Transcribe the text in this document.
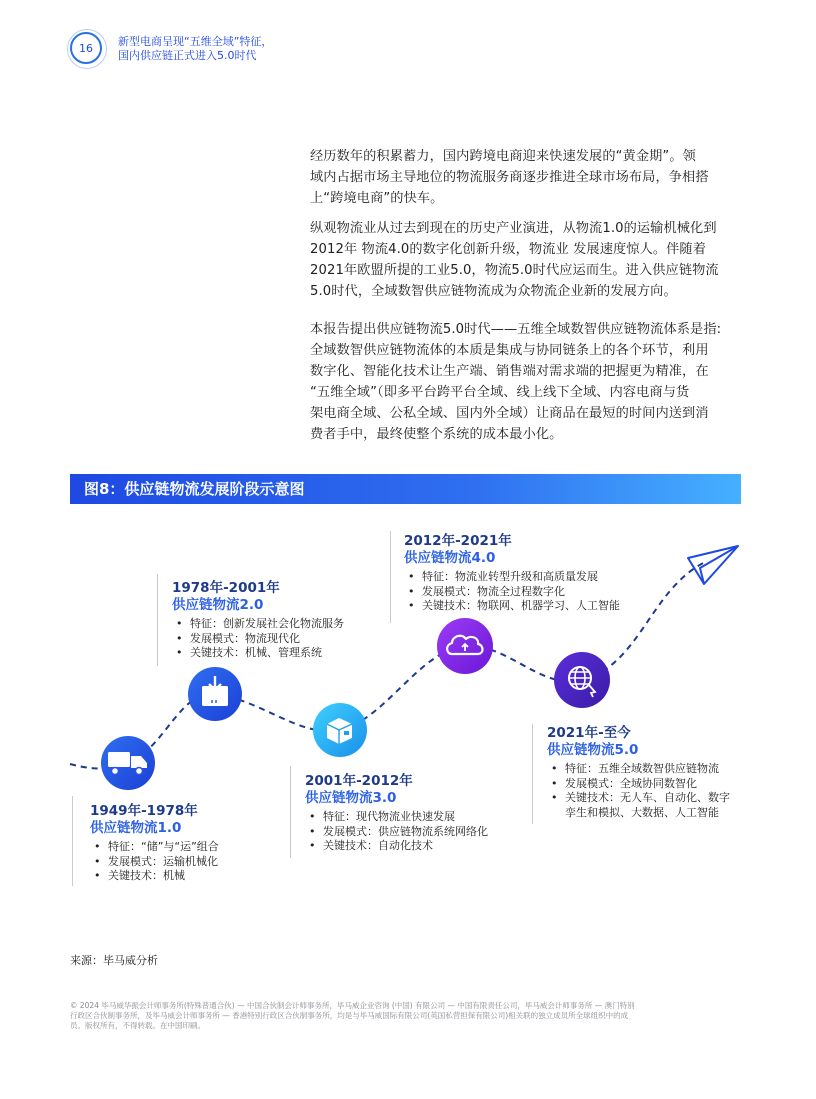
16 新型电商呈现“五维全域”特征，
国内供应链正式进入5.0时代
经历数年的积累蓄力，国内跨境电商迎来快速发展的“黄金期”。领
域内占据市场主导地位的物流服务商逐步推进全球市场布局，争相搭
上“跨境电商”的快车。
纵观物流业从过去到现在的历史产业演进，从物流1.0的运输机械化到
2012年 物流4.0的数字化创新升级，物流业 发展速度惊人。伴随着
2021年欧盟所提的工业5.0，物流5.0时代应运而生。进入供应链物流
5.0时代，全域数智供应链物流成为众物流企业新的发展方向。
本报告提出供应链物流5.0时代——五维全域数智供应链物流体系是指:
全域数智供应链物流体的本质是集成与协同链条上的各个环节，利用
数字化、智能化技术让生产端、销售端对需求端的把握更为精准，在
“五维全域”（即多平台跨平台全域、线上线下全域、内容电商与货
架电商全域、公私全域、国内外全域）让商品在最短的时间内送到消
费者手中，最终使整个系统的成本最小化。
图8：供应链物流发展阶段示意图
1949年-1978年
供应链物流1.0
• 特征：“储”与“运”组合
• 发展模式：运输机械化
• 关键技术：机械
1978年-2001年
供应链物流2.0
• 特征：创新发展社会化物流服务
• 发展模式：物流现代化
• 关键技术：机械、管理系统
2001年-2012年
供应链物流3.0
• 特征：现代物流业快速发展
• 发展模式：供应链物流系统网络化
• 关键技术：自动化技术
2012年-2021年
供应链物流4.0
• 特征：物流业转型升级和高质量发展
• 发展模式：物流全过程数字化
• 关键技术：物联网、机器学习、人工智能
2021年-至今
供应链物流5.0
• 特征：五维全域数智供应链物流
• 发展模式：全域协同数智化
• 关键技术：无人车、自动化、数字
孪生和模拟、大数据、人工智能
来源：毕马威分析
© 2024 毕马威华振会计师事务所(特殊普通合伙) — 中国合伙制会计师事务所，毕马威企业咨询 (中国) 有限公司 — 中国有限责任公司，毕马威会计师事务所 — 澳门特别
行政区合伙制事务所，及毕马威会计师事务所 — 香港特别行政区合伙制事务所，均是与毕马威国际有限公司(英国私营担保有限公司)相关联的独立成员所全球组织中的成
员。版权所有，不得转载。在中国印刷。
